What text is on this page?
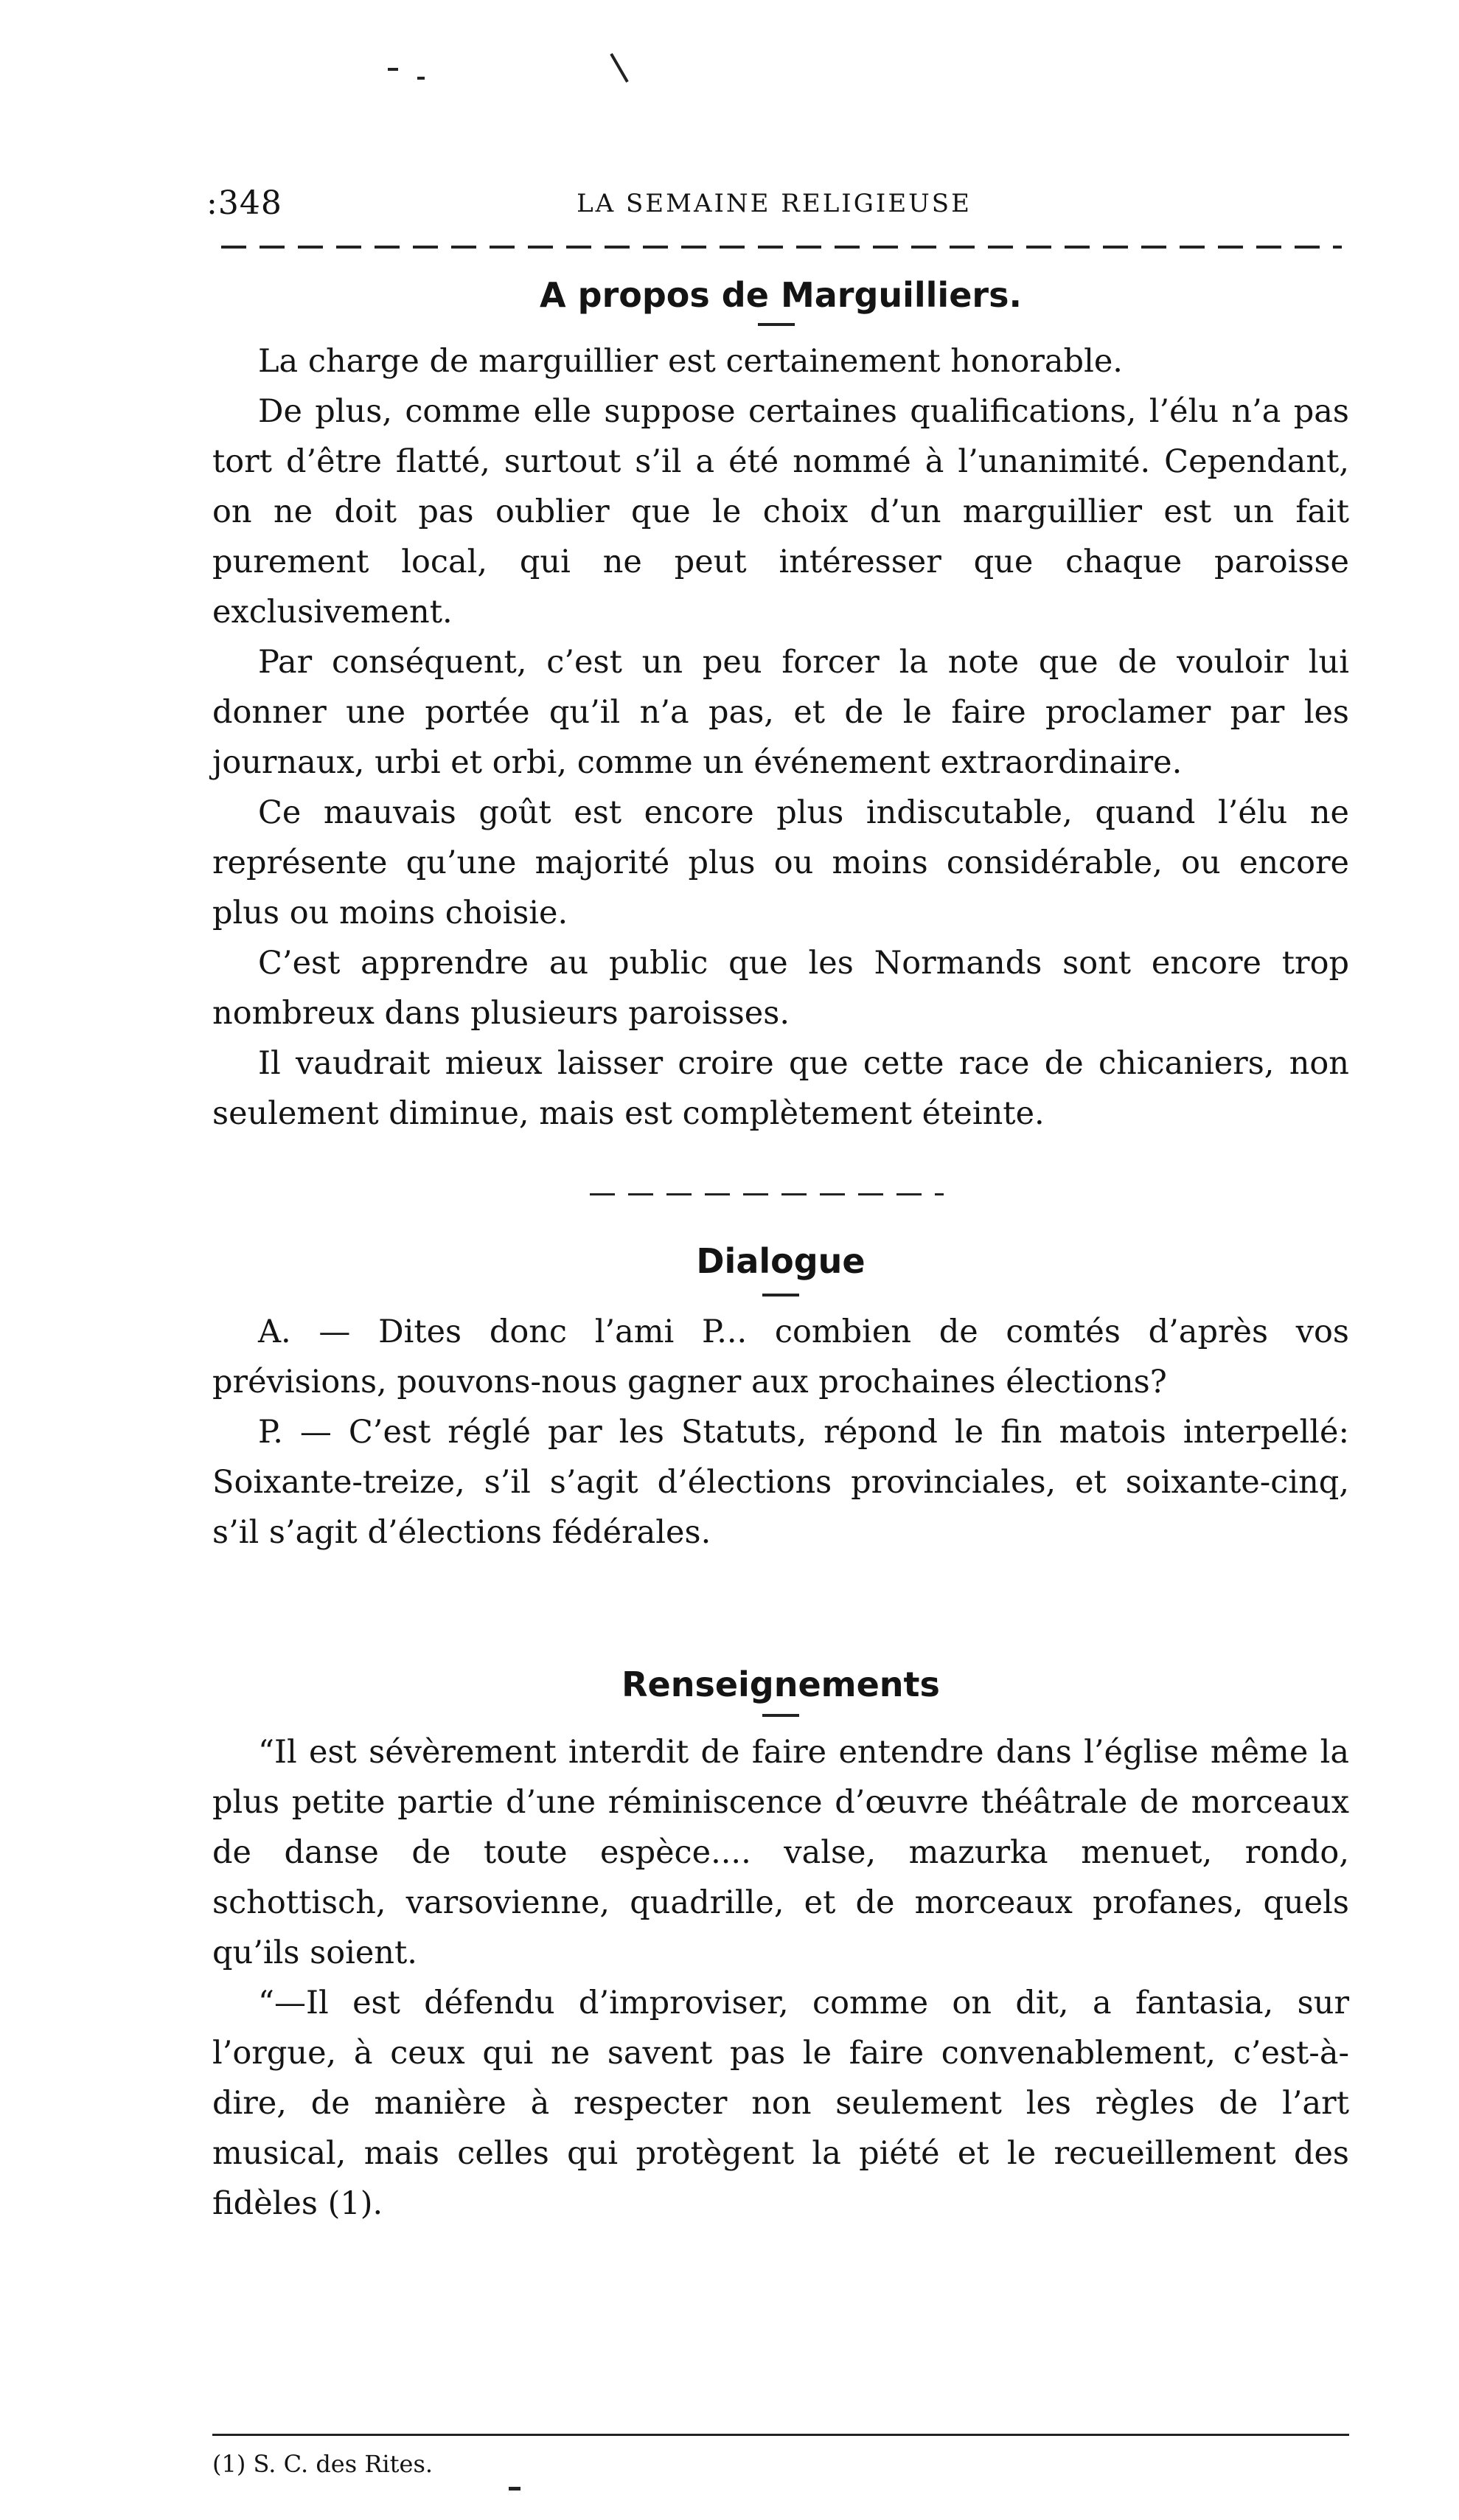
:348	LA SEMAINE RELIGIEUSE
A propos de Marguilliers.

La charge de marguillier est certainement honorable.

De plus, comme elle suppose certaines qualifications, l’élu n’a pas tort d’être flatté, surtout s’il a été nommé à l’unanimité. Cependant, on ne doit pas oublier que le choix d’un marguillier est un fait purement local, qui ne peut intéresser que chaque paroisse exclusivement.

Par conséquent, c’est un peu forcer la note que de vouloir lui donner une portée qu’il n’a pas, et de le faire proclamer par les journaux, urbi et orbi, comme un événement extraordinaire.

Ce mauvais goût est encore plus indiscutable, quand l’élu ne représente qu’une majorité plus ou moins considérable, ou encore plus ou moins choisie.

C’est apprendre au public que les Normands sont encore trop nombreux dans plusieurs paroisses.

Il vaudrait mieux laisser croire que cette race de chicaniers, non seulement diminue, mais est complètement éteinte.

Dialogue

A. — Dites donc l’ami P... combien de comtés d’après vos prévisions, pouvons-nous gagner aux prochaines élections?

P. — C’est réglé par les Statuts, répond le fin matois interpellé: Soixante-treize, s’il s’agit d’élections provinciales, et soixante-cinq, s’il s’agit d’élections fédérales.

Renseignements

“Il est sévèrement interdit de faire entendre dans l’église même la plus petite partie d’une réminiscence d’œuvre théâtrale de morceaux de danse de toute espèce.... valse, mazurka menuet, rondo, schottisch, varsovienne, quadrille, et de morceaux profanes, quels qu’ils soient.

“—Il est défendu d’improviser, comme on dit, a fantasia, sur l’orgue, à ceux qui ne savent pas le faire convenablement, c’est-à-dire, de manière à respecter non seulement les règles de l’art musical, mais celles qui protègent la piété et le recueillement des fidèles (1).

(1) S. C. des Rites.
